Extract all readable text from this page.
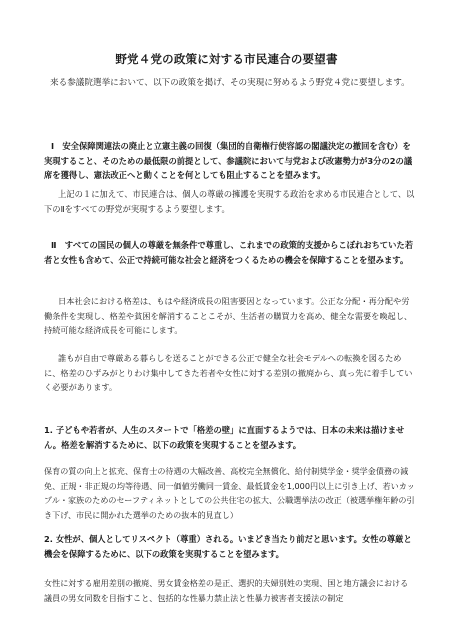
野党４党の政策に対する市民連合の要望書

来る参議院選挙において、以下の政策を掲げ、その実現に努めるよう野党４党に要望します。

Ⅰ　安全保障関連法の廃止と立憲主義の回復（集団的自衛権行使容認の閣議決定の撤回を含む）を実現すること、そのための最低限の前提として、参議院において与党および改憲勢力が3分の2の議席を獲得し、憲法改正へと動くことを何としても阻止することを望みます。

上記の１に加えて、市民連合は、個人の尊厳の擁護を実現する政治を求める市民連合として、以下のⅡをすべての野党が実現するよう要望します。

Ⅱ　すべての国民の個人の尊厳を無条件で尊重し、これまでの政策的支援からこぼれおちていた若者と女性も含めて、公正で持続可能な社会と経済をつくるための機会を保障することを望みます。

日本社会における格差は、もはや経済成長の阻害要因となっています。公正な分配・再分配や労働条件を実現し、格差や貧困を解消することこそが、生活者の購買力を高め、健全な需要を喚起し、持続可能な経済成長を可能にします。

誰もが自由で尊厳ある暮らしを送ることができる公正で健全な社会モデルへの転換を図るために、格差のひずみがとりわけ集中してきた若者や女性に対する差別の撤廃から、真っ先に着手していく必要があります。

1. 子どもや若者が、人生のスタートで「格差の壁」に直面するようでは、日本の未来は描けません。格差を解消するために、以下の政策を実現することを望みます。

保育の質の向上と拡充、保育士の待遇の大幅改善、高校完全無償化、給付制奨学金・奨学金債務の減免、正規・非正規の均等待遇、同一価値労働同一賃金、最低賃金を1,000円以上に引き上げ、若いカップル・家族のためのセーフティネットとしての公共住宅の拡大、公職選挙法の改正（被選挙権年齢の引き下げ、市民に開かれた選挙のための抜本的見直し）

2. 女性が、個人としてリスペクト（尊重）される。いまどき当たり前だと思います。女性の尊厳と機会を保障するために、以下の政策を実現することを望みます。

女性に対する雇用差別の撤廃、男女賃金格差の是正、選択的夫婦別姓の実現、国と地方議会における議員の男女同数を目指すこと、包括的な性暴力禁止法と性暴力被害者支援法の制定
